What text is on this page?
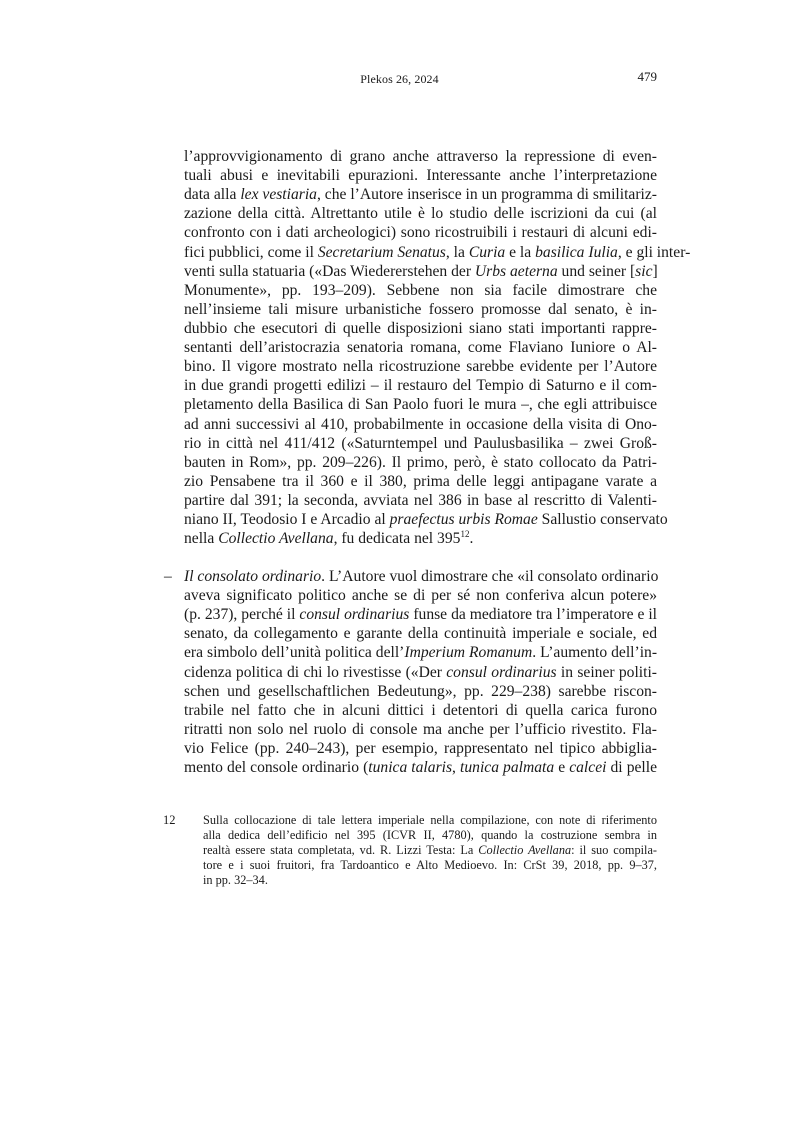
Plekos 26, 2024	479
l’approvvigionamento di grano anche attraverso la repressione di even-
tuali abusi e inevitabili epurazioni. Interessante anche l’interpretazione
data alla lex vestiaria, che l’Autore inserisce in un programma di smilitariz-
zazione della città. Altrettanto utile è lo studio delle iscrizioni da cui (al
confronto con i dati archeologici) sono ricostruibili i restauri di alcuni edi-
fici pubblici, come il Secretarium Senatus, la Curia e la basilica Iulia, e gli inter-
venti sulla statuaria («Das Wiedererstehen der Urbs aeterna und seiner [sic]
Monumente», pp. 193–209). Sebbene non sia facile dimostrare che
nell’insieme tali misure urbanistiche fossero promosse dal senato, è in-
dubbio che esecutori di quelle disposizioni siano stati importanti rappre-
sentanti dell’aristocrazia senatoria romana, come Flaviano Iuniore o Al-
bino. Il vigore mostrato nella ricostruzione sarebbe evidente per l’Autore
in due grandi progetti edilizi – il restauro del Tempio di Saturno e il com-
pletamento della Basilica di San Paolo fuori le mura –, che egli attribuisce
ad anni successivi al 410, probabilmente in occasione della visita di Ono-
rio in città nel 411/412 («Saturntempel und Paulusbasilika – zwei Groß-
bauten in Rom», pp. 209–226). Il primo, però, è stato collocato da Patri-
zio Pensabene tra il 360 e il 380, prima delle leggi antipagane varate a
partire dal 391; la seconda, avviata nel 386 in base al rescritto di Valenti-
niano II, Teodosio I e Arcadio al praefectus urbis Romae Sallustio conservato
nella Collectio Avellana, fu dedicata nel $395^{12}$.
– Il consolato ordinario. L’Autore vuol dimostrare che «il consolato ordinario
aveva significato politico anche se di per sé non conferiva alcun potere»
(p. 237), perché il consul ordinarius funse da mediatore tra l’imperatore e il
senato, da collegamento e garante della continuità imperiale e sociale, ed
era simbolo dell’unità politica dell’Imperium Romanum. L’aumento dell’in-
cidenza politica di chi lo rivestisse («Der consul ordinarius in seiner politi-
schen und gesellschaftlichen Bedeutung», pp. 229–238) sarebbe riscon-
trabile nel fatto che in alcuni dittici i detentori di quella carica furono
ritratti non solo nel ruolo di console ma anche per l’ufficio rivestito. Fla-
vio Felice (pp. 240–243), per esempio, rappresentato nel tipico abbiglia-
mento del console ordinario (tunica talaris, tunica palmata e calcei di pelle
12 Sulla collocazione di tale lettera imperiale nella compilazione, con note di riferimento
alla dedica dell’edificio nel 395 (ICVR II, 4780), quando la costruzione sembra in
realtà essere stata completata, vd. R. Lizzi Testa: La Collectio Avellana: il suo compila-
tore e i suoi fruitori, fra Tardoantico e Alto Medioevo. In: CrSt 39, 2018, pp. 9–37,
in pp. 32–34.
